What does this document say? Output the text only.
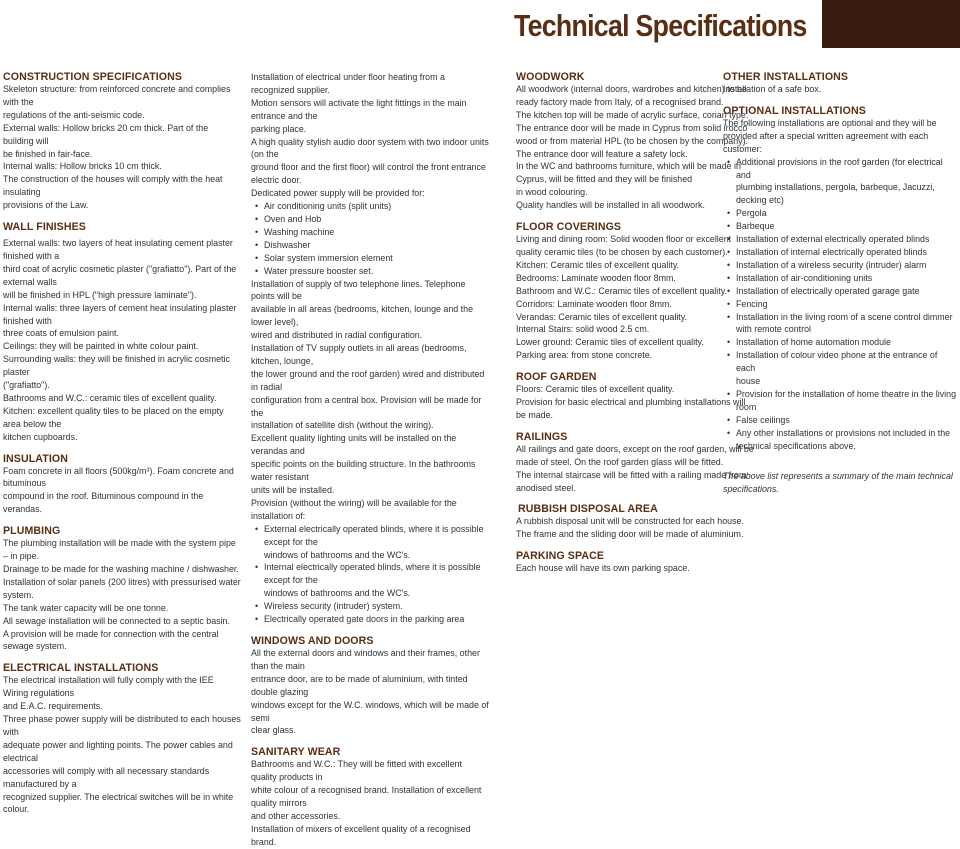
Technical Specifications
CONSTRUCTION SPECIFICATIONS
Skeleton structure: from reinforced concrete and complies with the
regulations of the anti-seismic code.
External walls: Hollow bricks 20 cm thick. Part of the building will
be finished in fair-face.
Internal walls: Hollow bricks 10 cm thick.
The construction of the houses will comply with the heat insulating
provisions of the Law.
WALL FINISHES
External walls: two layers of heat insulating cement plaster finished with a
third coat of acrylic cosmetic plaster ("grafiatto"). Part of the external walls
will be finished in HPL ("high pressure laminate").
Internal walls: three layers of cement heat insulating plaster finished with
three coats of emulsion paint.
Ceilings: they will be painted in white colour paint.
Surrounding walls: they will be finished in acrylic cosmetic plaster
("grafiatto").
Bathrooms and W.C.: ceramic tiles of excellent quality.
Kitchen: excellent quality tiles to be placed on the empty area below the
kitchen cupboards.
INSULATION
Foam concrete in all floors (500kg/m³). Foam concrete and bituminous
compound in the roof. Bituminous compound in the verandas.
PLUMBING
The plumbing installation will be made with the system pipe – in pipe.
Drainage to be made for the washing machine / dishwasher.
Installation of solar panels (200 litres) with pressurised water system.
The tank water capacity will be one tonne.
All sewage installation will be connected to a septic basin.
A provision will be made for connection with the central sewage system.
ELECTRICAL INSTALLATIONS
The electrical installation will fully comply with the IEE Wiring regulations
and E.A.C. requirements.
Three phase power supply will be distributed to each houses with
adequate power and lighting points. The power cables and electrical
accessories will comply with all necessary standards manufactured by a
recognized supplier. The electrical switches will be in white colour.
Installation of electrical under floor heating from a recognized supplier.
Motion sensors will activate the light fittings in the main entrance and the
parking place.
A high quality stylish audio door system with two indoor units (on the
ground floor and the first floor) will control the front entrance electric door.
Dedicated power supply will be provided for:
• Air conditioning units (split units)
• Oven and Hob
• Washing machine
• Dishwasher
• Solar system immersion element
• Water pressure booster set.
Installation of supply of two telephone lines. Telephone points will be
available in all areas (bedrooms, kitchen, lounge and the lower level),
wired and distributed in radial configuration.
Installation of TV supply outlets in all areas (bedrooms, kitchen, lounge,
the lower ground and the roof garden) wired and distributed in radial
configuration from a central box. Provision will be made for the
installation of satellite dish (without the wiring).
Excellent quality lighting units will be installed on the verandas and
specific points on the building structure. In the bathrooms water resistant
units will be installed.
Provision (without the wiring) will be available for the installation of:
• External electrically operated blinds, where it is possible except for the
windows of bathrooms and the WC's.
• Internal electrically operated blinds, where it is possible except for the
windows of bathrooms and the WC's.
• Wireless security (intruder) system.
• Electrically operated gate doors in the parking area
WINDOWS AND DOORS
All the external doors and windows and their frames, other than the main
entrance door, are to be made of aluminium, with tinted double glazing
windows except for the W.C. windows, which will be made of semi
clear glass.
SANITARY WEAR
Bathrooms and W.C.: They will be fitted with excellent quality products in
white colour of a recognised brand. Installation of excellent quality mirrors
and other accessories.
Installation of mixers of excellent quality of a recognised brand.
WOODWORK
All woodwork (internal doors, wardrobes and kitchen) to be
ready factory made from Italy, of a recognised brand.
The kitchen top will be made of acrylic surface, corian type.
The entrance door will be made in Cyprus from solid irocco
wood or from material HPL (to be chosen by the company).
The entrance door will feature a safety lock.
In the WC and bathrooms furniture, which will be made in
Cyprus, will be fitted and they will be finished
in wood colouring.
Quality handles will be installed in all woodwork.
FLOOR COVERINGS
Living and dining room: Solid wooden floor or excellent
quality ceramic tiles (to be chosen by each customer).
Kitchen: Ceramic tiles of excellent quality.
Bedrooms: Laminate wooden floor 8mm.
Bathroom and W.C.: Ceramic tiles of excellent quality.
Corridors: Laminate wooden floor 8mm.
Verandas: Ceramic tiles of excellent quality.
Internal Stairs: solid wood 2.5 cm.
Lower ground: Ceramic tiles of excellent quality.
Parking area: from stone concrete.
ROOF GARDEN
Floors: Ceramic tiles of excellent quality.
Provision for basic electrical and plumbing installations will
be made.
RAILINGS
All railings and gate doors, except on the roof garden, will be
made of steel. On the roof garden glass will be fitted.
The internal staircase will be fitted with a railing made from
anodised steel.
RUBBISH DISPOSAL AREA
A rubbish disposal unit will be constructed for each house.
The frame and the sliding door will be made of aluminium.
PARKING SPACE
Each house will have its own parking space.
OTHER INSTALLATIONS
Installation of a safe box.
OPTIONAL INSTALLATIONS
The following installations are optional and they will be
provided after a special written agreement with each customer:
• Additional provisions in the roof garden (for electrical and
plumbing installations, pergola, barbeque, Jacuzzi,
decking etc)
• Pergola
• Barbeque
• Installation of external electrically operated blinds
• Installation of internal electrically operated blinds
• Installation of a wireless security (intruder) alarm
• Installation of air-conditioning units
• Installation of electrically operated garage gate
• Fencing
• Installation in the living room of a scene control dimmer
with remote control
• Installation of home automation module
• Installation of colour video phone at the entrance of each
house
• Provision for the installation of home theatre in the living
room
• False ceilings
• Any other installations or provisions not included in the
technical specifications above.
The above list represents a summary of the main technical
specifications.
